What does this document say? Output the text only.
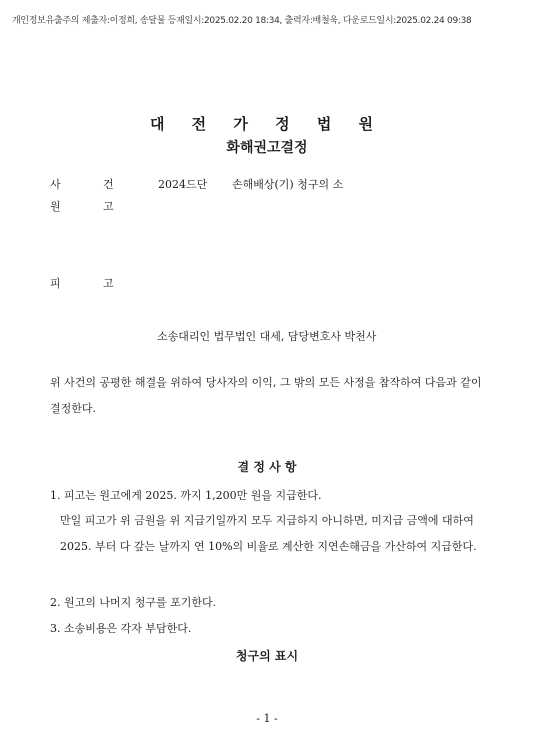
개인정보유출주의 제출자:이정희, 송달물 등재일시:2025.02.20 18:34, 출력자:배철욱, 다운로드일시:2025.02.24 09:38
대 전 가 정 법 원
화해권고결정
사	건	2024드단 손해배상(기) 청구의 소
원	고
피	고
소송대리인 법무법인 대세, 담당변호사 박천사
위 사건의 공평한 해결을 위하여 당사자의 이익, 그 밖의 모든 사정을 참작하여 다음과 같이 결정한다.
결 정 사 항
1. 피고는 원고에게 2025. 까지 1,200만 원을 지급한다.
만일 피고가 위 금원을 위 지급기일까지 모두 지급하지 아니하면, 미지급 금액에 대하여 2025. 부터 다 갚는 날까지 연 10%의 비율로 계산한 지연손해금을 가산하여 지급한다.
2. 원고의 나머지 청구를 포기한다.
3. 소송비용은 각자 부담한다.
청구의 표시
- 1 -
